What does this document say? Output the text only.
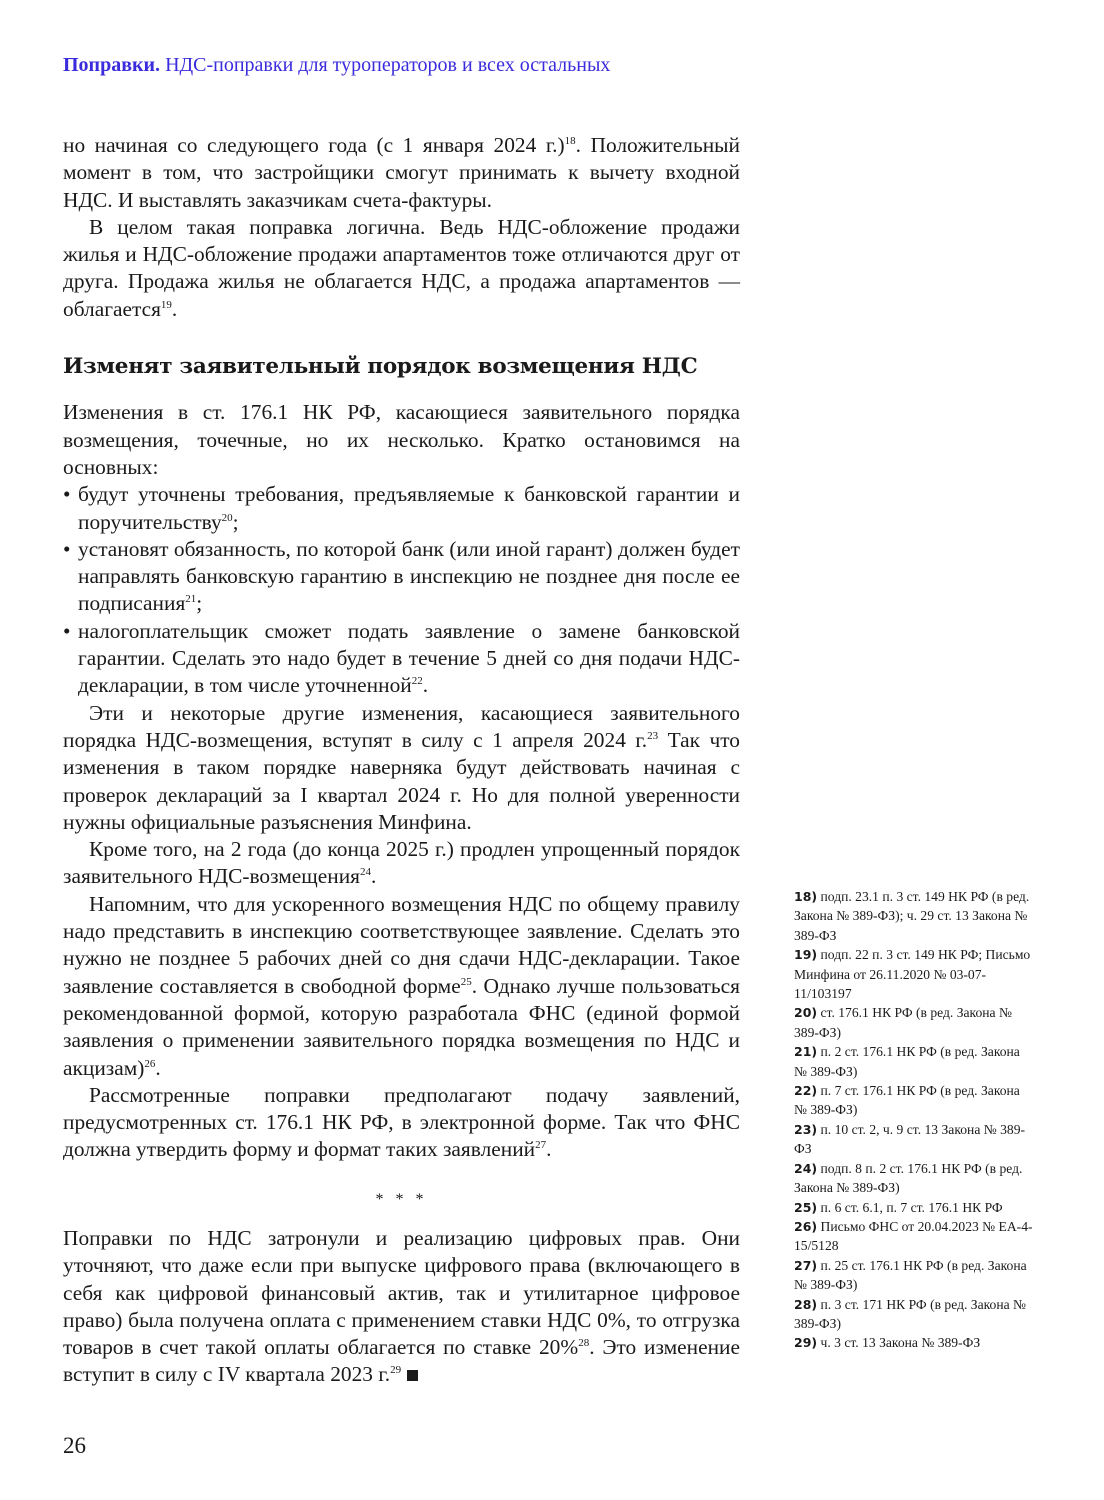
Поправки. НДС-поправки для туроператоров и всех остальных

но начиная со следующего года (с 1 января 2024 г.)$^{18}$. Положительный момент в том, что застройщики смогут принимать к вычету входной НДС. И выставлять заказчикам счета-фактуры.

В целом такая поправка логична. Ведь НДС-обложение продажи жилья и НДС-обложение продажи апартаментов тоже отличаются друг от друга. Продажа жилья не облагается НДС, а продажа апартаментов — облагается$^{19}$.

Изменят заявительный порядок возмещения НДС

Изменения в ст. 176.1 НК РФ, касающиеся заявительного порядка возмещения, точечные, но их несколько. Кратко остановимся на основных:

• будут уточнены требования, предъявляемые к банковской гарантии и поручительству$^{20}$;
• установят обязанность, по которой банк (или иной гарант) должен будет направлять банковскую гарантию в инспекцию не позднее дня после ее подписания$^{21}$;
• налогоплательщик сможет подать заявление о замене банковской гарантии. Сделать это надо будет в течение 5 дней со дня подачи НДС-декларации, в том числе уточненной$^{22}$.

Эти и некоторые другие изменения, касающиеся заявительного порядка НДС-возмещения, вступят в силу с 1 апреля 2024 г.$^{23}$ Так что изменения в таком порядке наверняка будут действовать начиная с проверок деклараций за I квартал 2024 г. Но для полной уверенности нужны официальные разъяснения Минфина.

Кроме того, на 2 года (до конца 2025 г.) продлен упрощенный порядок заявительного НДС-возмещения$^{24}$.

Напомним, что для ускоренного возмещения НДС по общему правилу надо представить в инспекцию соответствующее заявление. Сделать это нужно не позднее 5 рабочих дней со дня сдачи НДС-декларации. Такое заявление составляется в свободной форме$^{25}$. Однако лучше пользоваться рекомендованной формой, которую разработала ФНС (единой формой заявления о применении заявительного порядка возмещения по НДС и акцизам)$^{26}$.

Рассмотренные поправки предполагают подачу заявлений, предусмотренных ст. 176.1 НК РФ, в электронной форме. Так что ФНС должна утвердить форму и формат таких заявлений$^{27}$.

* * *

Поправки по НДС затронули и реализацию цифровых прав. Они уточняют, что даже если при выпуске цифрового права (включающего в себя как цифровой финансовый актив, так и утилитарное цифровое право) была получена оплата с применением ставки НДС 0%, то отгрузка товаров в счет такой оплаты облагается по ставке 20%$^{28}$. Это изменение вступит в силу с IV квартала 2023 г.$^{29}$

18) подп. 23.1 п. 3 ст. 149 НК РФ (в ред. Закона № 389-ФЗ); ч. 29 ст. 13 Закона № 389-ФЗ
19) подп. 22 п. 3 ст. 149 НК РФ; Письмо Минфина от 26.11.2020 № 03-07-11/103197
20) ст. 176.1 НК РФ (в ред. Закона № 389-ФЗ)
21) п. 2 ст. 176.1 НК РФ (в ред. Закона № 389-ФЗ)
22) п. 7 ст. 176.1 НК РФ (в ред. Закона № 389-ФЗ)
23) п. 10 ст. 2, ч. 9 ст. 13 Закона № 389-ФЗ
24) подп. 8 п. 2 ст. 176.1 НК РФ (в ред. Закона № 389-ФЗ)
25) п. 6 ст. 6.1, п. 7 ст. 176.1 НК РФ
26) Письмо ФНС от 20.04.2023 № ЕА-4-15/5128
27) п. 25 ст. 176.1 НК РФ (в ред. Закона № 389-ФЗ)
28) п. 3 ст. 171 НК РФ (в ред. Закона № 389-ФЗ)
29) ч. 3 ст. 13 Закона № 389-ФЗ
26
